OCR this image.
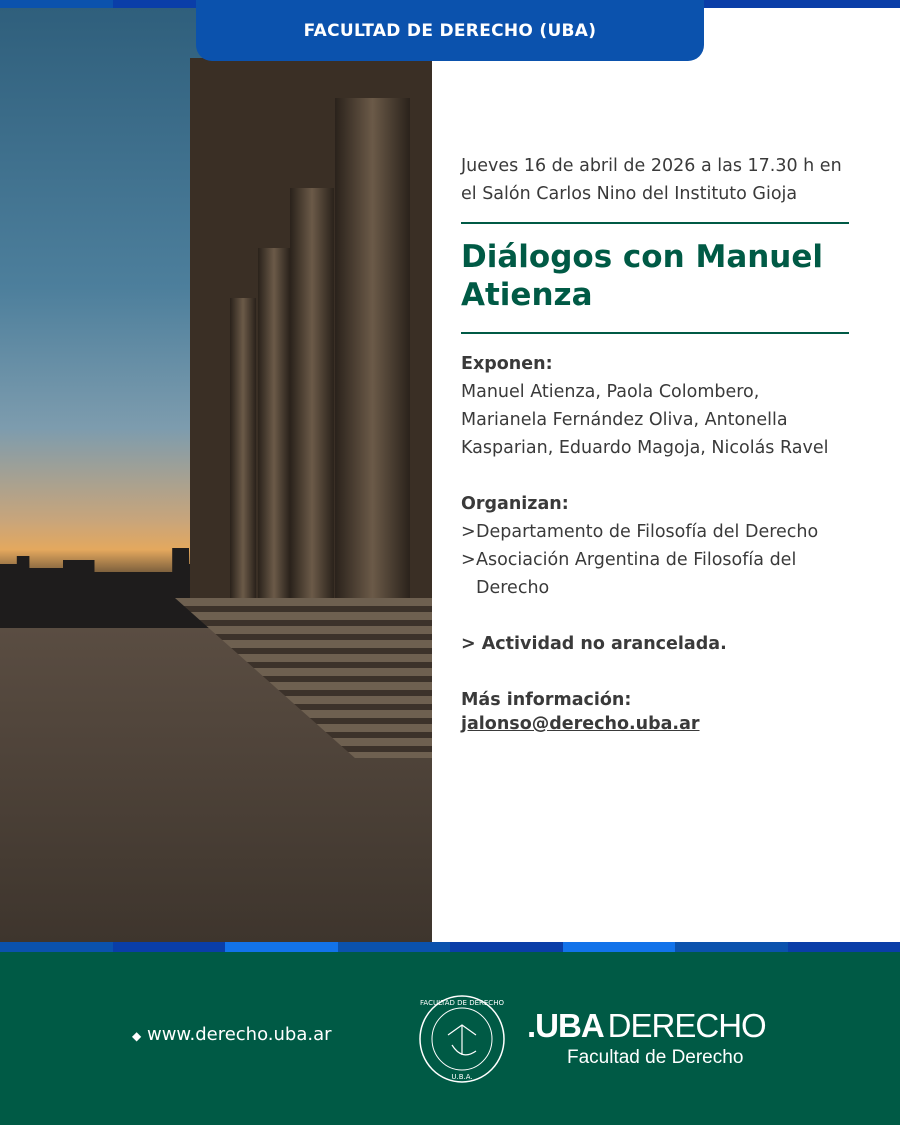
FACULTAD DE DERECHO (UBA)
Jueves 16 de abril de 2026 a las 17.30 h en el Salón Carlos Nino del Instituto Gioja
Diálogos con Manuel Atienza
Exponen:
Manuel Atienza, Paola Colombero, Marianela Fernández Oliva, Antonella Kasparian, Eduardo Magoja, Nicolás Ravel
Organizan:
> Departamento de Filosofía del Derecho
> Asociación Argentina de Filosofía del Derecho
> Actividad no arancelada.
Más información:
jalonso@derecho.uba.ar
◆ www.derecho.uba.ar
FACULTAD DE DERECHO
U.B.A.
.UBA DERECHO
Facultad de Derecho
